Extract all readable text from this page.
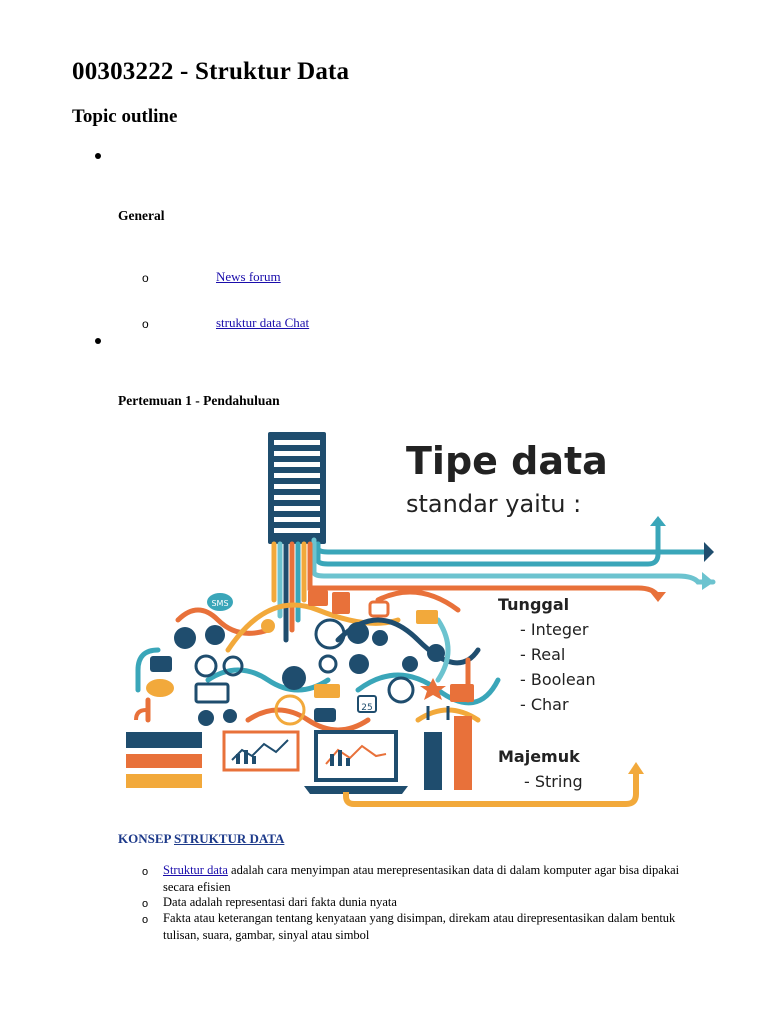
00303222 - Struktur Data
Topic outline
General
o	News forum
o	struktur data Chat
Pertemuan 1 - Pendahuluan
SMS
25
Tipe data
standar yaitu :
Tunggal
- Integer
- Real
- Boolean
- Char
Majemuk
- String
KONSEP STRUKTUR DATA
o Struktur data adalah cara menyimpan atau merepresentasikan data di dalam komputer agar bisa dipakai secara efisien
o Data adalah representasi dari fakta dunia nyata
o Fakta atau keterangan tentang kenyataan yang disimpan, direkam atau direpresentasikan dalam bentuk tulisan, suara, gambar, sinyal atau simbol
